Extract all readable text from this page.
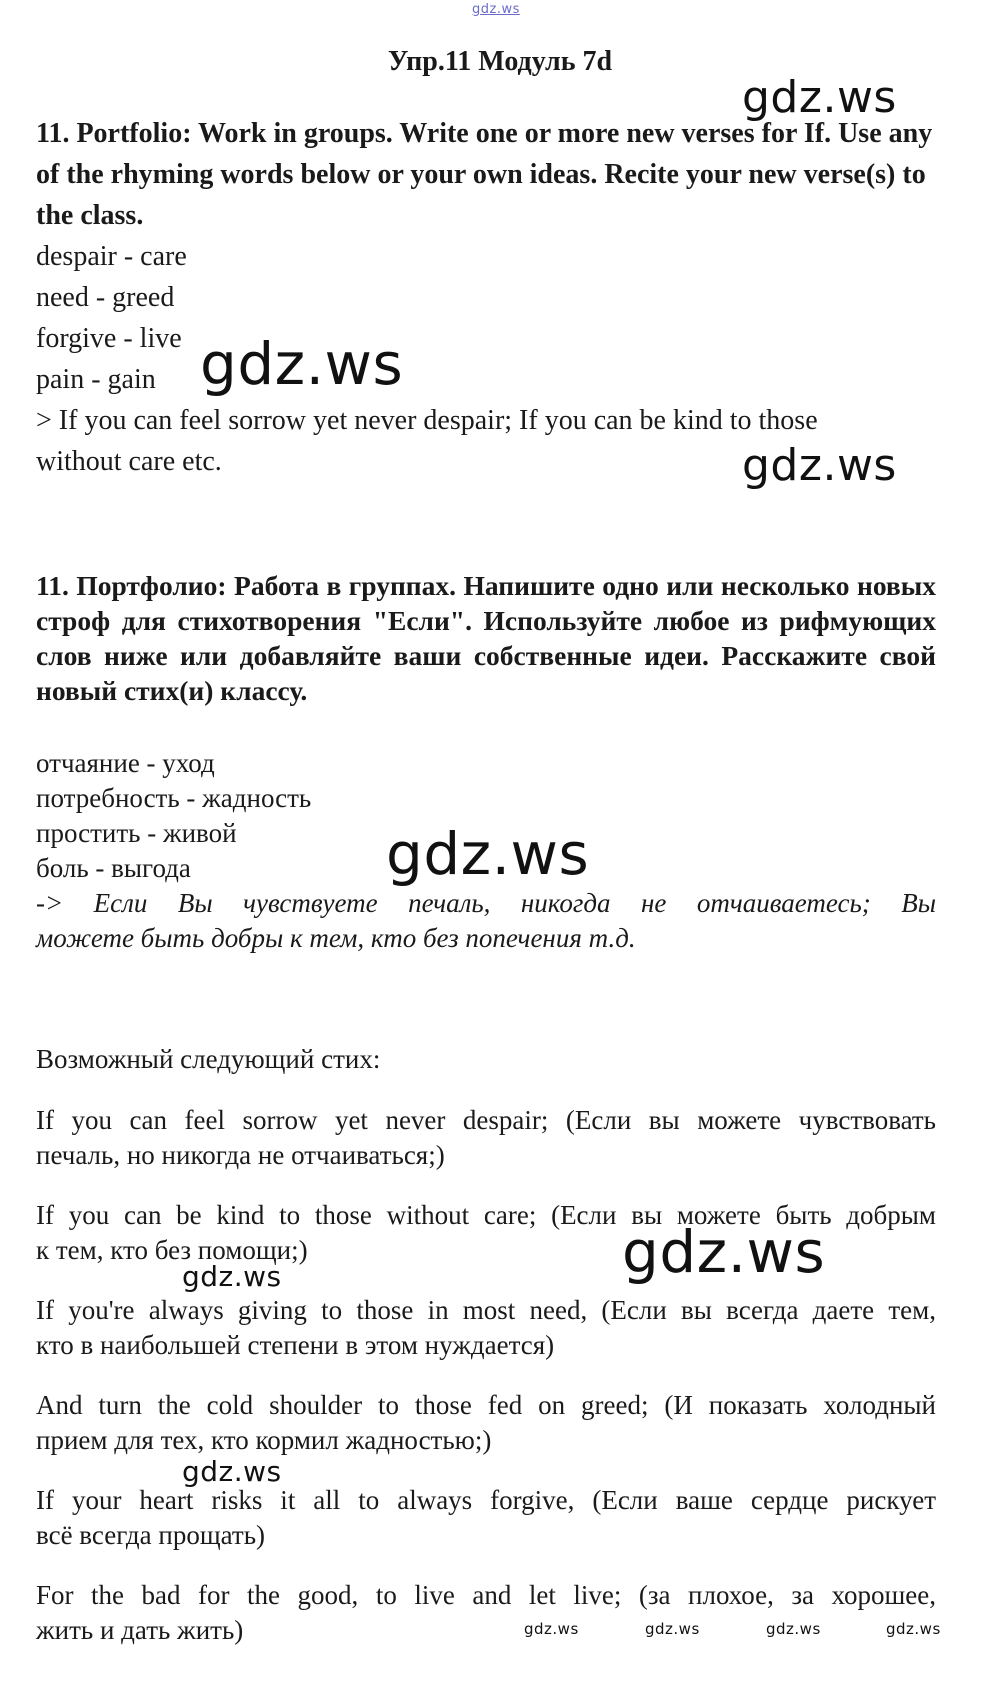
gdz.ws
Упр.11 Модуль 7d
gdz.ws
11. Portfolio: Work in groups. Write one or more new verses for If. Use any of the rhyming words below or your own ideas. Recite your new verse(s) to the class.
despair - care
need - greed
forgive - live
pain - gain gdz.ws
> If you can feel sorrow yet never despair; If you can be kind to those
without care etc.	gdz.ws
11. Портфолио: Работа в группах. Напишите одно или несколько новых строф для стихотворения "Если". Используйте любое из рифмующих слов ниже или добавляйте ваши собственные идеи. Расскажите свой новый стих(и) классу.
отчаяние - уход
потребность - жадность
простить - живой
боль - выгода	gdz.ws
-> Если Вы чувствуете печаль, никогда не отчаиваетесь; Вы
можете быть добры к тем, кто без попечения т.д.
Возможный следующий стих:
If you can feel sorrow yet never despair; (Если вы можете чувствовать
печаль, но никогда не отчаиваться;)
If you can be kind to those without care; (Если вы можете быть добрым
к тем, кто без помощи;)
If you're always giving to those in most need, (Если вы всегда даете тем,
кто в наибольшей степени в этом нуждается)
And turn the cold shoulder to those fed on greed; (И показать холодный
прием для тех, кто кормил жадностью;)
If your heart risks it all to always forgive, (Если ваше сердце рискует
всё всегда прощать)
For the bad for the good, to live and let live; (за плохое, за хорошее,
жить и дать жить)
gdz.ws
gdz.ws
gdz.ws
gdz.ws	gdz.ws	gdz.ws	gdz.ws
